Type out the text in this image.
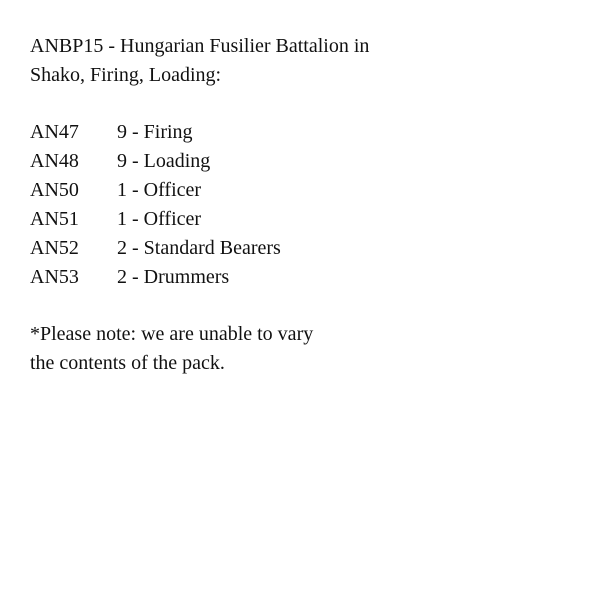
ANBP15 - Hungarian Fusilier Battalion in
Shako, Firing, Loading:
AN47	9 - Firing
AN48	9 - Loading
AN50	1 - Officer
AN51	1 - Officer
AN52	2 - Standard Bearers
AN53	2 - Drummers
*Please note: we are unable to vary
the contents of the pack.
